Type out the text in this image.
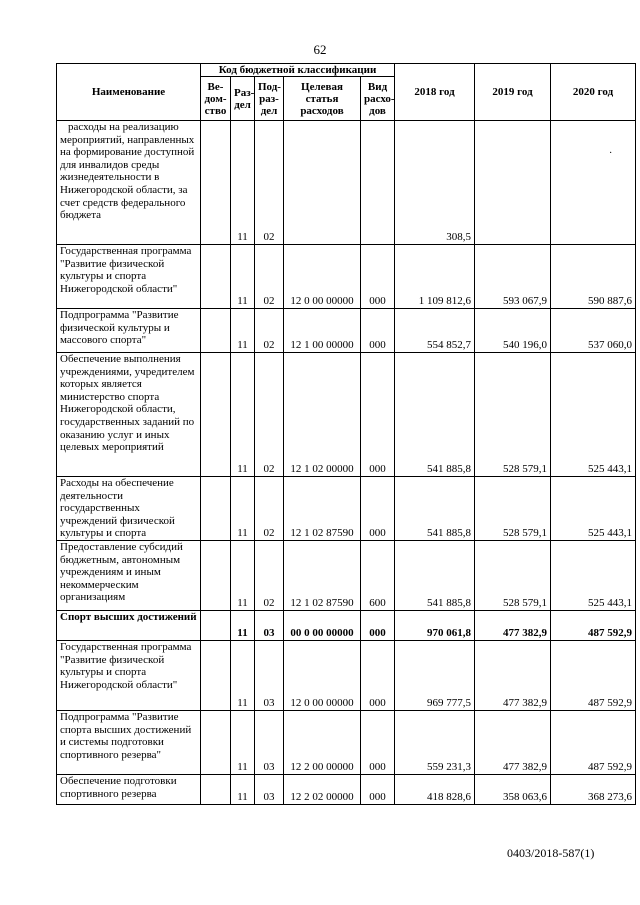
62
·
Наименование	Код бюджетной классификации					2018 год	2019 год	2020 год
	Ве-дом-ство	Раз-дел	Под-раз-дел	Целевая статья расходов	Вид расхо-дов			

расходы на реализацию мероприятий, направленных на формирование доступной для инвалидов среды жизнедеятельности в Нижегородской области, за счет средств федерального бюджета		11	02			308,5		

Государственная программа "Развитие физической культуры и спорта Нижегородской области"		11	02	12 0 00 00000	000	1 109 812,6	593 067,9	590 887,6

Подпрограмма "Развитие физической культуры и массового спорта"		11	02	12 1 00 00000	000	554 852,7	540 196,0	537 060,0

Обеспечение выполнения учреждениями, учредителем которых является министерство спорта Нижегородской области, государственных заданий по оказанию услуг и иных целевых мероприятий		11	02	12 1 02 00000	000	541 885,8	528 579,1	525 443,1

Расходы на обеспечение деятельности государственных учреждений физической культуры и спорта		11	02	12 1 02 87590	000	541 885,8	528 579,1	525 443,1

Предоставление субсидий бюджетным, автономным учреждениям и иным некоммерческим организациям		11	02	12 1 02 87590	600	541 885,8	528 579,1	525 443,1

Спорт высших достижений		11	03	00 0 00 00000	000	970 061,8	477 382,9	487 592,9

Государственная программа "Развитие физической культуры и спорта Нижегородской области"		11	03	12 0 00 00000	000	969 777,5	477 382,9	487 592,9

Подпрограмма "Развитие спорта высших достижений и системы подготовки спортивного резерва"		11	03	12 2 00 00000	000	559 231,3	477 382,9	487 592,9

Обеспечение подготовки спортивного резерва		11	03	12 2 02 00000	000	418 828,6	358 063,6	368 273,6
0403/2018-587(1)
